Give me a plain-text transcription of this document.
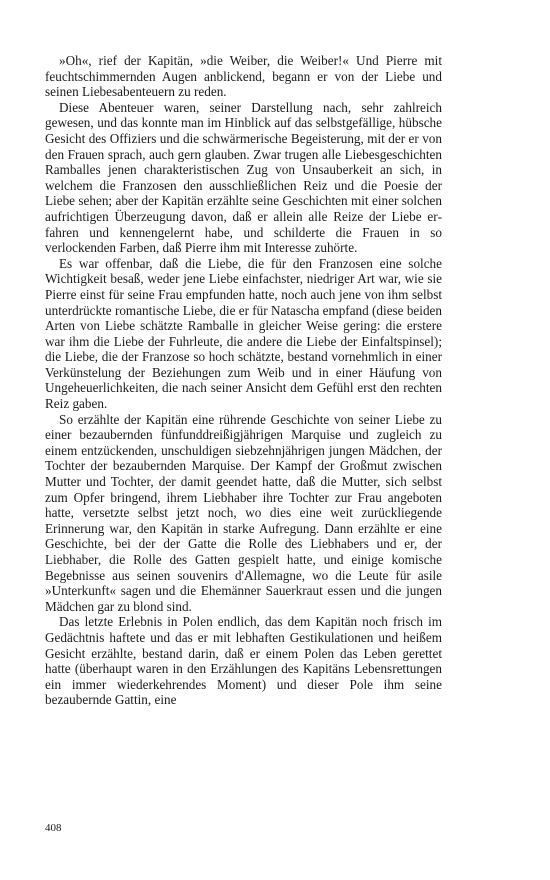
»Oh«, rief der Kapitän, »die Weiber, die Weiber!« Und Pierre mit feuchtschimmernden Augen anblickend, begann er von der Liebe und seinen Liebesabenteuern zu reden.

Diese Abenteuer waren, seiner Darstellung nach, sehr zahlreich gewesen, und das konnte man im Hinblick auf das selbstgefällige, hübsche Gesicht des Offiziers und die schwärmerische Begeisterung, mit der er von den Frauen sprach, auch gern glauben. Zwar trugen alle Liebesgeschichten Ramballes jenen charakteristischen Zug von Unsauberkeit an sich, in welchem die Franzosen den ausschließlichen Reiz und die Poesie der Liebe sehen; aber der Kapitän erzählte seine Geschichten mit einer solchen aufrichtigen Überzeugung davon, daß er allein alle Reize der Liebe erfahren und kennengelernt habe, und schilderte die Frauen in so verlockenden Farben, daß Pierre ihm mit Interesse zuhörte.

Es war offenbar, daß die Liebe, die für den Franzosen eine solche Wichtigkeit besaß, weder jene Liebe einfachster, niedriger Art war, wie sie Pierre einst für seine Frau empfunden hatte, noch auch jene von ihm selbst unterdrückte romantische Liebe, die er für Natascha empfand (diese beiden Arten von Liebe schätzte Ramballe in gleicher Weise gering: die erstere war ihm die Liebe der Fuhrleute, die andere die Liebe der Einfaltspinsel); die Liebe, die der Franzose so hoch schätzte, bestand vornehmlich in einer Verkünstelung der Beziehungen zum Weib und in einer Häufung von Ungeheuerlichkeiten, die nach seiner Ansicht dem Gefühl erst den rechten Reiz gaben.

So erzählte der Kapitän eine rührende Geschichte von seiner Liebe zu einer bezaubernden fünfunddreißigjährigen Marquise und zugleich zu einem entzückenden, unschuldigen siebzehnjährigen jungen Mädchen, der Tochter der bezaubernden Marquise. Der Kampf der Großmut zwischen Mutter und Tochter, der damit geendet hatte, daß die Mutter, sich selbst zum Opfer bringend, ihrem Liebhaber ihre Tochter zur Frau angeboten hatte, versetzte selbst jetzt noch, wo dies eine weit zurückliegende Erinnerung war, den Kapitän in starke Aufregung. Dann erzählte er eine Geschichte, bei der der Gatte die Rolle des Liebhabers und er, der Liebhaber, die Rolle des Gatten gespielt hatte, und einige komische Begebnisse aus seinen souvenirs d'Allemagne, wo die Leute für asile »Unterkunft« sagen und die Ehemänner Sauerkraut essen und die jungen Mädchen gar zu blond sind.

Das letzte Erlebnis in Polen endlich, das dem Kapitän noch frisch im Gedächtnis haftete und das er mit lebhaften Gestikulationen und heißem Gesicht erzählte, bestand darin, daß er einem Polen das Leben gerettet hatte (überhaupt waren in den Erzählungen des Kapitäns Lebensrettungen ein immer wiederkehrendes Moment) und dieser Pole ihm seine bezaubernde Gattin, eine

408
